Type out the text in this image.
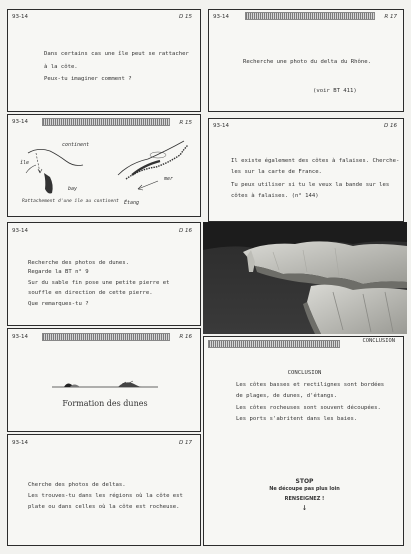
93-14	D 15
Dans certains cas une île peut se rattacher
à la côte.
Peux-tu imaginer comment ?
93-14	R 17
Recherche une photo du delta du Rhône.
(voir BT 411)
93-14	R 15
continent
île
bay
Rattachement d'une île au continent
mer
Étang
93-14	D 16
Il existe également des côtes à falaises. Cherche-
les sur la carte de France.
Tu peux utiliser si tu le veux la bande sur les
côtes à falaises. (n° 144)
93-14	D 16
Recherche des photos de dunes.
Regarde la BT n° 9
Sur du sable fin pose une petite pierre et
souffle en direction de cette pierre.
Que remarques-tu ?
93-14	R 16
Formation des dunes
CONCLUSION
CONCLUSION
Les côtes basses et rectilignes sont bordées
de plages, de dunes, d'étangs.
Les côtes rocheuses sont souvent découpées.
Les ports s'abritent dans les baies.
STOP
Ne découpe pas plus loin
RENSEIGNEZ !
↓
93-14	D 17
Cherche des photos de deltas.
Les trouves-tu dans les régions où la côte est
plate ou dans celles où la côte est rocheuse.
